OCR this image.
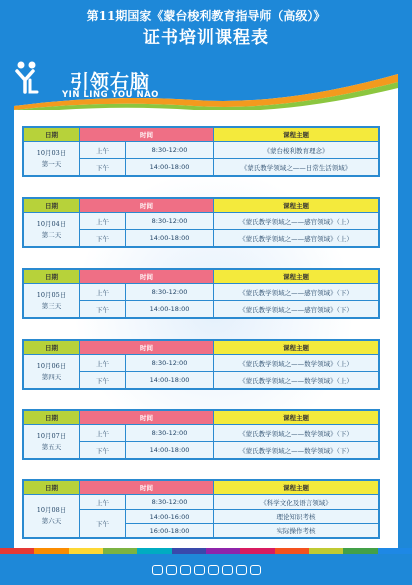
第11期国家《蒙台梭利教育指导师（高级）》
证书培训课程表
引领右脑
YIN LING YOU NAO
日期	时间		课程主题

10月03日
第一天	上午	8:30-12:00	《蒙台梭利教育理念》
	下午	14:00-18:00	《蒙氏教学领域之——日常生活领域》
日期	时间		课程主题

10月04日
第二天	上午	8:30-12:00	《蒙氏教学领域之——感官领域》（上）
	下午	14:00-18:00	《蒙氏教学领域之——感官领域》（上）
日期	时间		课程主题

10月05日
第三天	上午	8:30-12:00	《蒙氏教学领域之——感官领域》（下）
	下午	14:00-18:00	《蒙氏教学领域之——感官领域》（下）
日期	时间		课程主题

10月06日
第四天	上午	8:30-12:00	《蒙氏教学领域之——数学领域》（上）
	下午	14:00-18:00	《蒙氏教学领域之——数学领域》（上）
日期	时间		课程主题

10月07日
第五天	上午	8:30-12:00	《蒙氏教学领域之——数学领域》（下）
	下午	14:00-18:00	《蒙氏教学领域之——数学领域》（下）
日期	时间		课程主题

10月08日
第六天	上午	8:30-12:00	《科学文化及语言领域》
	下午	14:00-16:00	理论知识考核
		16:00-18:00	实际操作考核
